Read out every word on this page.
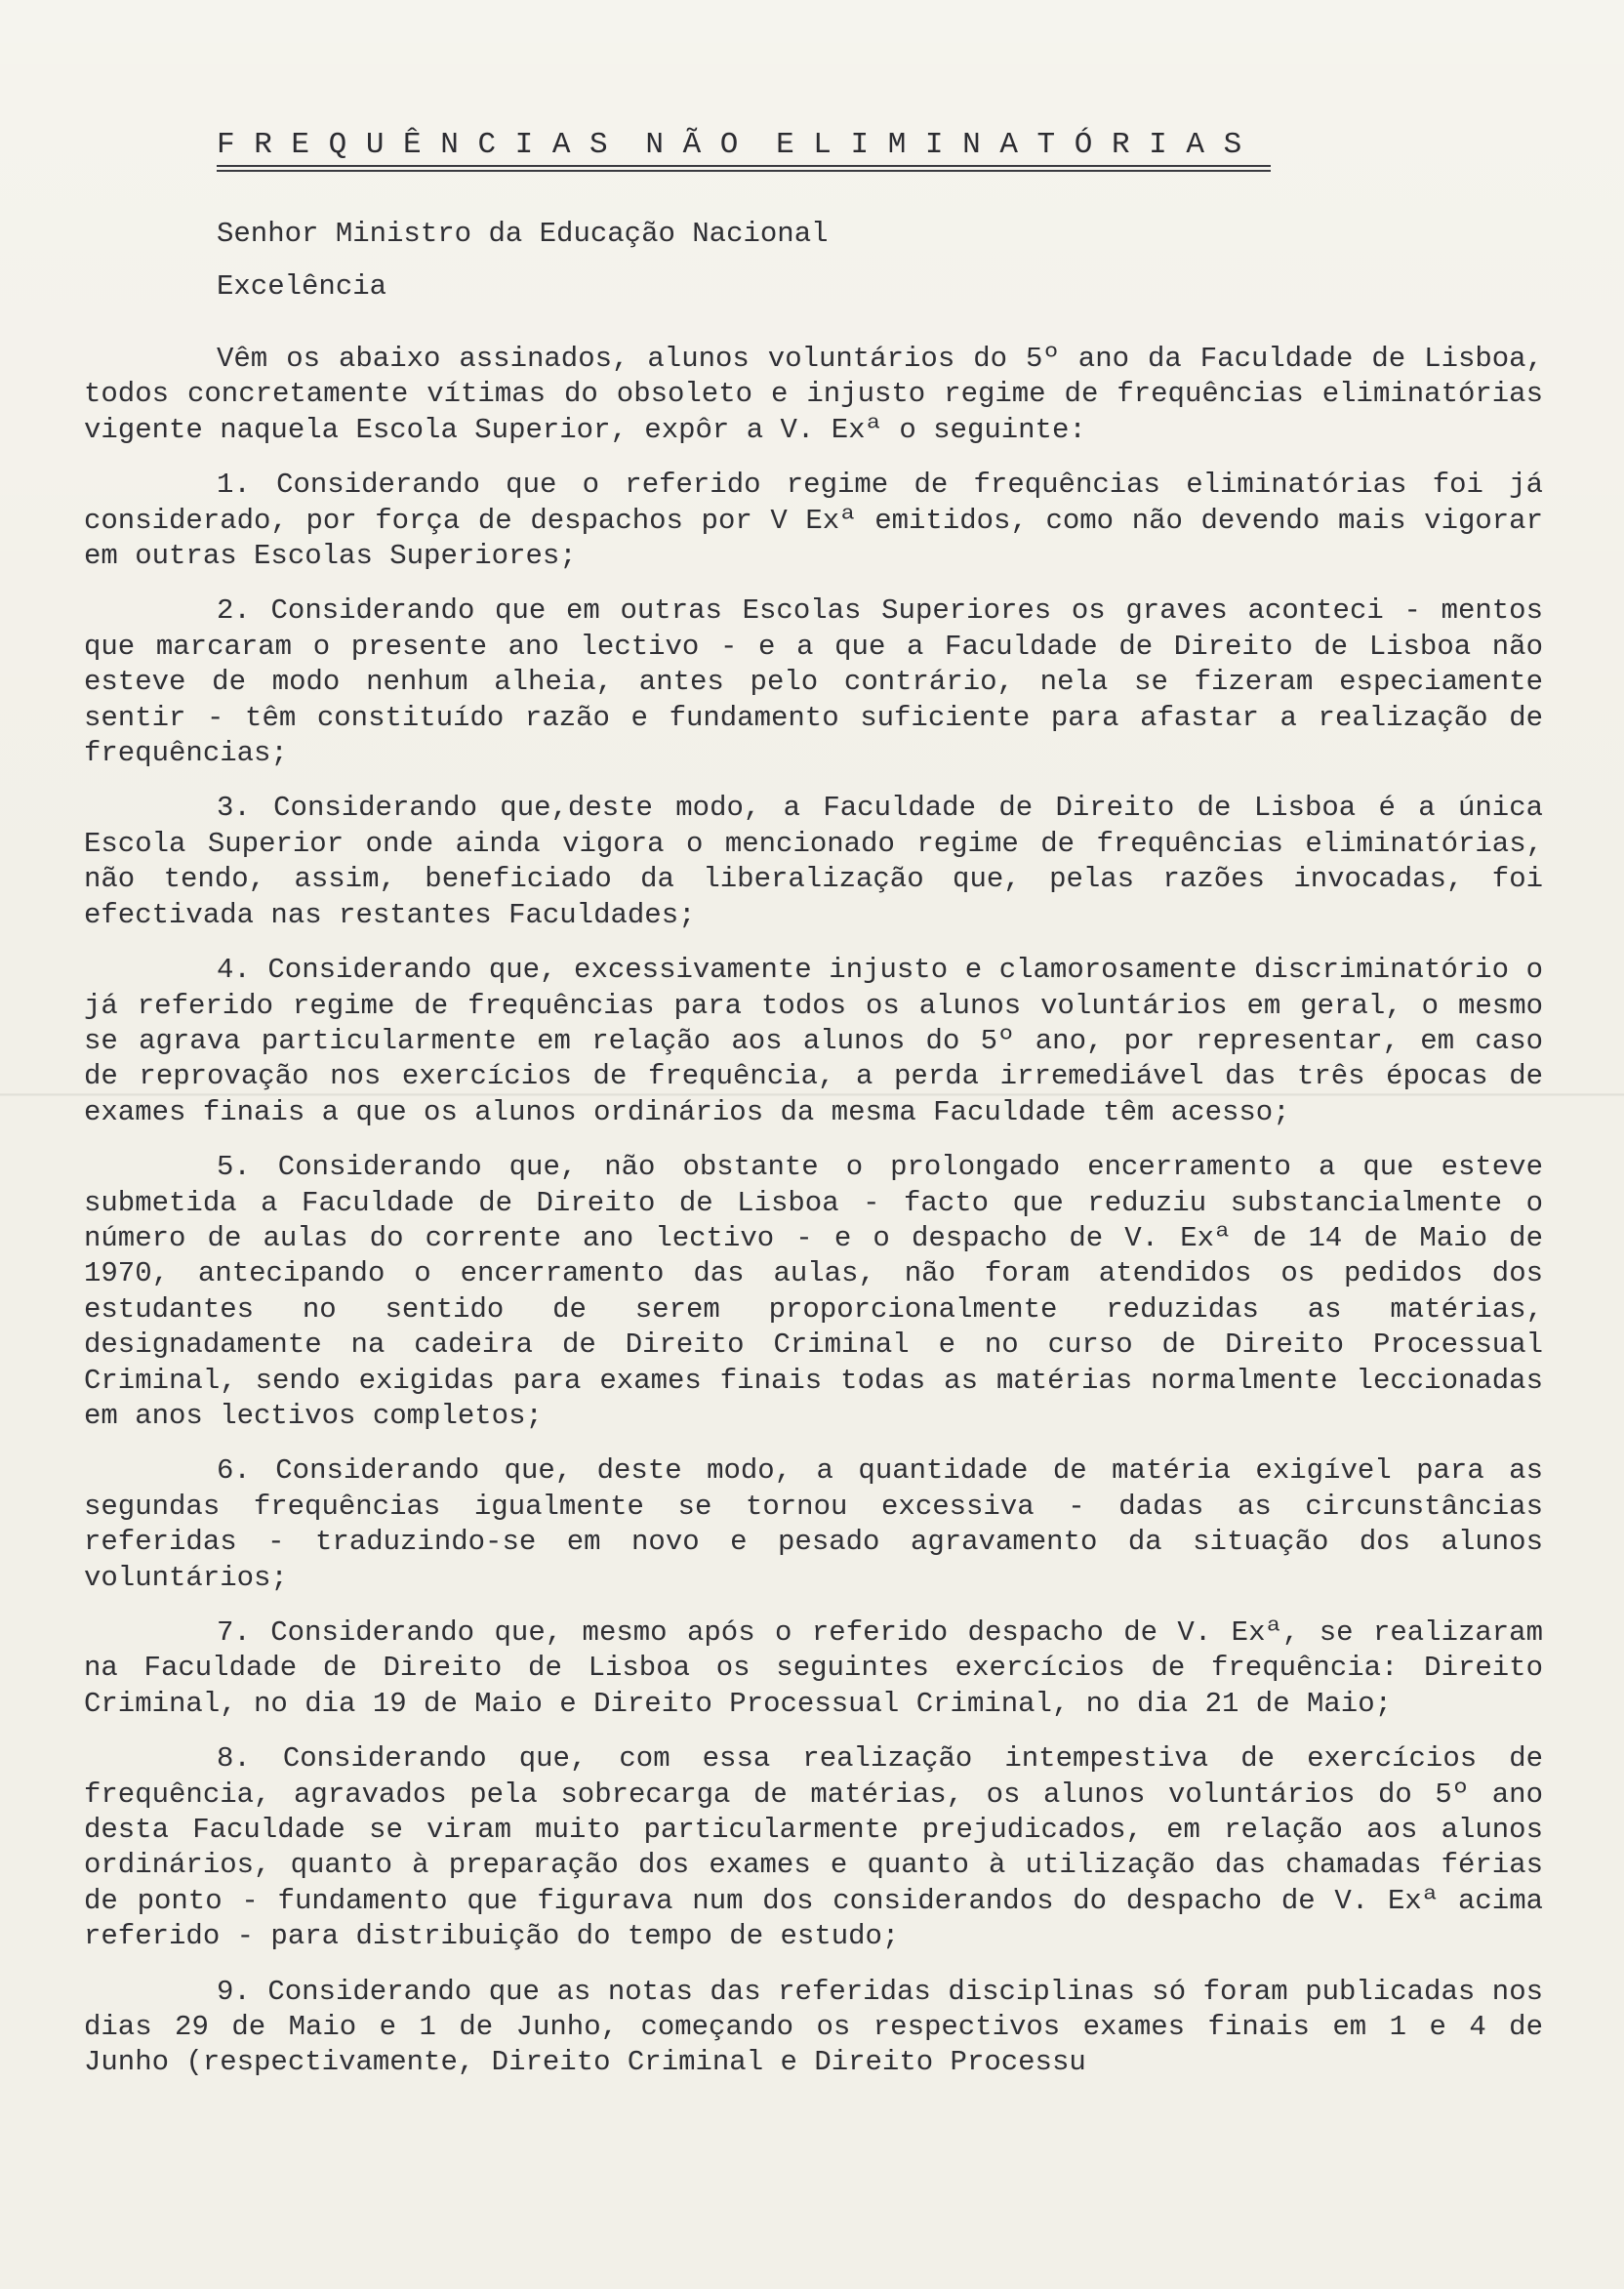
F R E Q U Ê N C I A S  N Ã O  E L I M I N A T Ó R I A S
Senhor Ministro da Educação Nacional
Excelência

Vêm os abaixo assinados, alunos voluntários do 5º ano da Faculdade de Lisboa, todos concretamente vítimas do obsoleto e injusto regime de frequências eliminatórias vigente naquela Escola Superior, expôr a V. Exª o seguinte:

1. Considerando que o referido regime de frequências eliminatórias foi já considerado, por força de despachos por V Exª emitidos, como não devendo mais vigorar em outras Escolas Superiores;

2. Considerando que em outras Escolas Superiores os graves aconteci - mentos que marcaram o presente ano lectivo - e a que a Faculdade de Direito de Lisboa não esteve de modo nenhum alheia, antes pelo contrário, nela se fizeram especiamente sentir - têm constituído razão e fundamento suficiente para afastar a realização de frequências;

3. Considerando que,deste modo, a Faculdade de Direito de Lisboa é a única Escola Superior onde ainda vigora o mencionado regime de frequências eliminatórias, não tendo, assim, beneficiado da liberalização que, pelas razões invocadas, foi efectivada nas restantes Faculdades;

4. Considerando que, excessivamente injusto e clamorosamente discriminatório o já referido regime de frequências para todos os alunos voluntários em geral, o mesmo se agrava particularmente em relação aos alunos do 5º ano, por representar, em caso de reprovação nos exercícios de frequência, a perda irremediável das três épocas de exames finais a que os alunos ordinários da mesma Faculdade têm acesso;

5. Considerando que, não obstante o prolongado encerramento a que esteve submetida a Faculdade de Direito de Lisboa - facto que reduziu substancialmente o número de aulas do corrente ano lectivo - e o despacho de V. Exª de 14 de Maio de 1970, antecipando o encerramento das aulas, não foram atendidos os pedidos dos estudantes no sentido de serem proporcionalmente reduzidas as matérias, designadamente na cadeira de Direito Criminal e no curso de Direito Processual Criminal, sendo exigidas para exames finais todas as matérias normalmente leccionadas em anos lectivos completos;

6. Considerando que, deste modo, a quantidade de matéria exigível para as segundas frequências igualmente se tornou excessiva - dadas as circunstâncias referidas - traduzindo-se em novo e pesado agravamento da situação dos alunos voluntários;

7. Considerando que, mesmo após o referido despacho de V. Exª, se realizaram na Faculdade de Direito de Lisboa os seguintes exercícios de frequência: Direito Criminal, no dia 19 de Maio e Direito Processual Criminal, no dia 21 de Maio;

8. Considerando que, com essa realização intempestiva de exercícios de frequência, agravados pela sobrecarga de matérias, os alunos voluntários do 5º ano desta Faculdade se viram muito particularmente prejudicados, em relação aos alunos ordinários, quanto à preparação dos exames e quanto à utilização das chamadas férias de ponto - fundamento que figurava num dos considerandos do despacho de V. Exª acima referido - para distribuição do tempo de estudo;

9. Considerando que as notas das referidas disciplinas só foram publicadas nos dias 29 de Maio e 1 de Junho, começando os respectivos exames finais em 1 e 4 de Junho (respectivamente, Direito Criminal e Direito Processu
